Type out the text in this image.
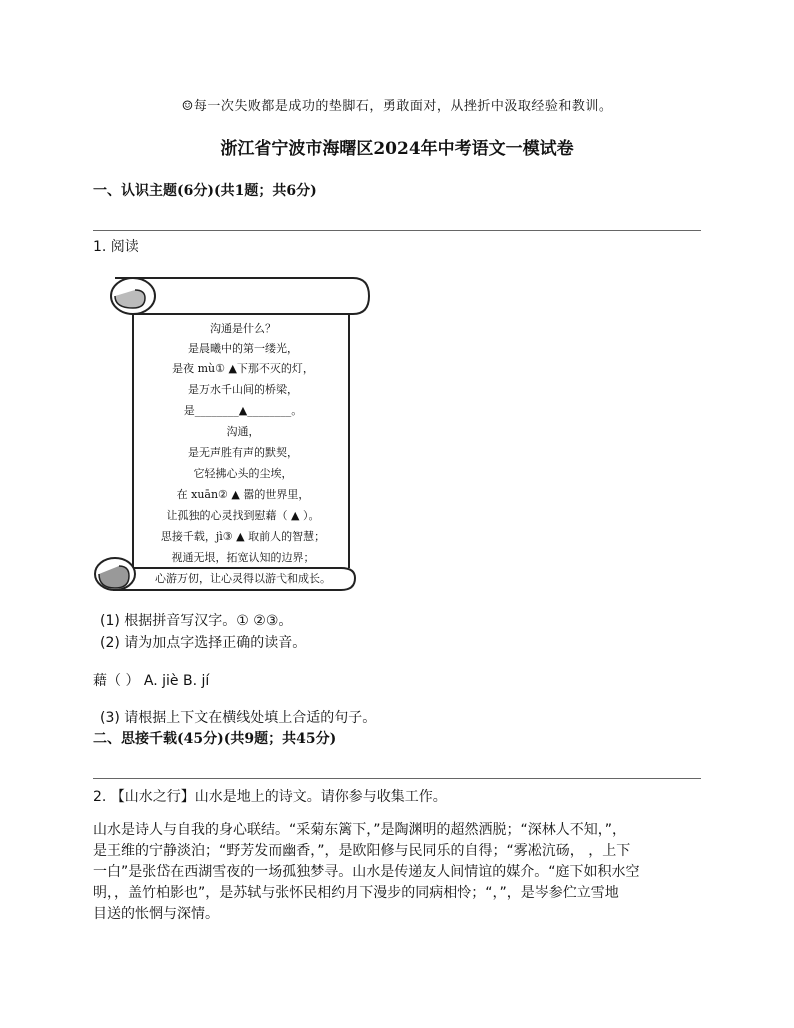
☺每一次失败都是成功的垫脚石，勇敢面对，从挫折中汲取经验和教训。
浙江省宁波市海曙区2024年中考语文一模试卷
一、认识主题(6分)(共1题；共6分)
1. 阅读
沟通是什么？
是晨曦中的第一缕光，
是夜 mù① ▲下那不灭的灯，
是万水千山间的桥梁，
是________▲________。
沟通，
是无声胜有声的默契，
它轻拂心头的尘埃，
在 xuān② ▲ 嚣的世界里，
让孤独的心灵找到慰藉（ ▲ ）。
思接千载，jì③ ▲ 取前人的智慧；
视通无垠，拓宽认知的边界；
心游万仞，让心灵得以游弋和成长。
(1) 根据拼音写汉字。① ②③。
(2) 请为加点字选择正确的读音。
藉（ ） A. jiè B. jí
(3) 请根据上下文在横线处填上合适的句子。
二、思接千载(45分)(共9题；共45分)
2. 【山水之行】山水是地上的诗文。请你参与收集工作。
山水是诗人与自我的身心联结。“采菊东篱下，”是陶渊明的超然洒脱；“深林人不知，”，
是王维的宁静淡泊；“野芳发而幽香，”，是欧阳修与民同乐的自得；“雾凇沆砀， ，上下
一白”是张岱在西湖雪夜的一场孤独梦寻。山水是传递友人间情谊的媒介。“庭下如积水空
明，，盖竹柏影也”，是苏轼与张怀民相约月下漫步的同病相怜；“，”，是岑参伫立雪地
目送的怅惘与深情。
